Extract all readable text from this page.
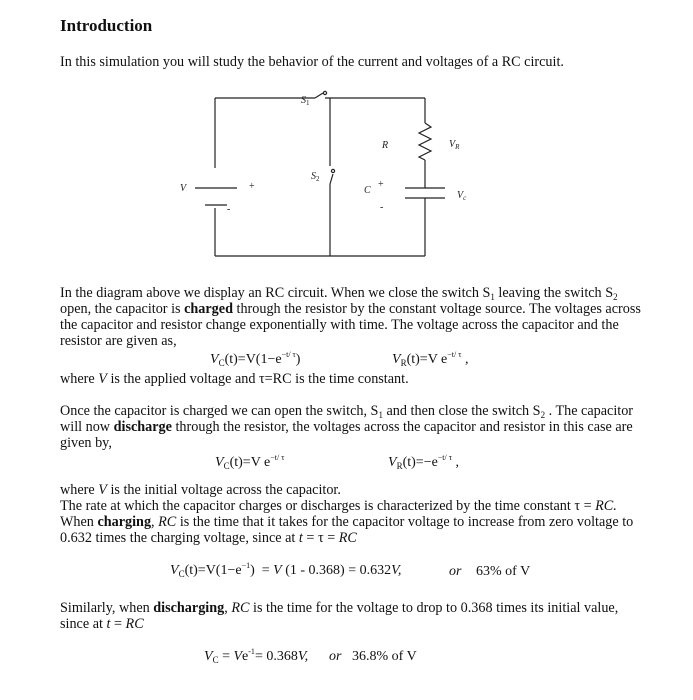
Introduction
In this simulation you will study the behavior of the current and voltages of a RC circuit.
$S_1$
$S_2$
R
C
V
$V_R$
$V_c$
+
-
+
-
In the diagram above we display an RC circuit. When we close the switch $S_1$ leaving the switch $S_2$
open, the capacitor is charged through the resistor by the constant voltage source. The voltages across
the capacitor and resistor change exponentially with time. The voltage across the capacitor and the
resistor are given as,
$V_C(t)=V(1-e^{-t/ \tau})$	$V_R(t)=V$ $e^{-t/ \tau}$ ,
where V is the applied voltage and τ=RC is the time constant.
Once the capacitor is charged we can open the switch, $S_1$ and then close the switch $S_2$ . The capacitor
will now discharge through the resistor, the voltages across the capacitor and resistor in this case are
given by,
$V_C(t)=V$ $e^{-t/ \tau}$	$V_R(t)=-e^{-t/ \tau}$ ,
where V is the initial voltage across the capacitor.
The rate at which the capacitor charges or discharges is characterized by the time constant τ = RC.
When charging, RC is the time that it takes for the capacitor voltage to increase from zero voltage to
0.632 times the charging voltage, since at t = τ = RC
$V_C(t)=V(1-e^{-1}) = V$ (1 - 0.368) = 0.632V,	or 63% of V
Similarly, when discharging, RC is the time for the voltage to drop to 0.368 times its initial value,
since at t = RC
$V_C = Ve^{-1}= 0.368V$, or 36.8% of V
